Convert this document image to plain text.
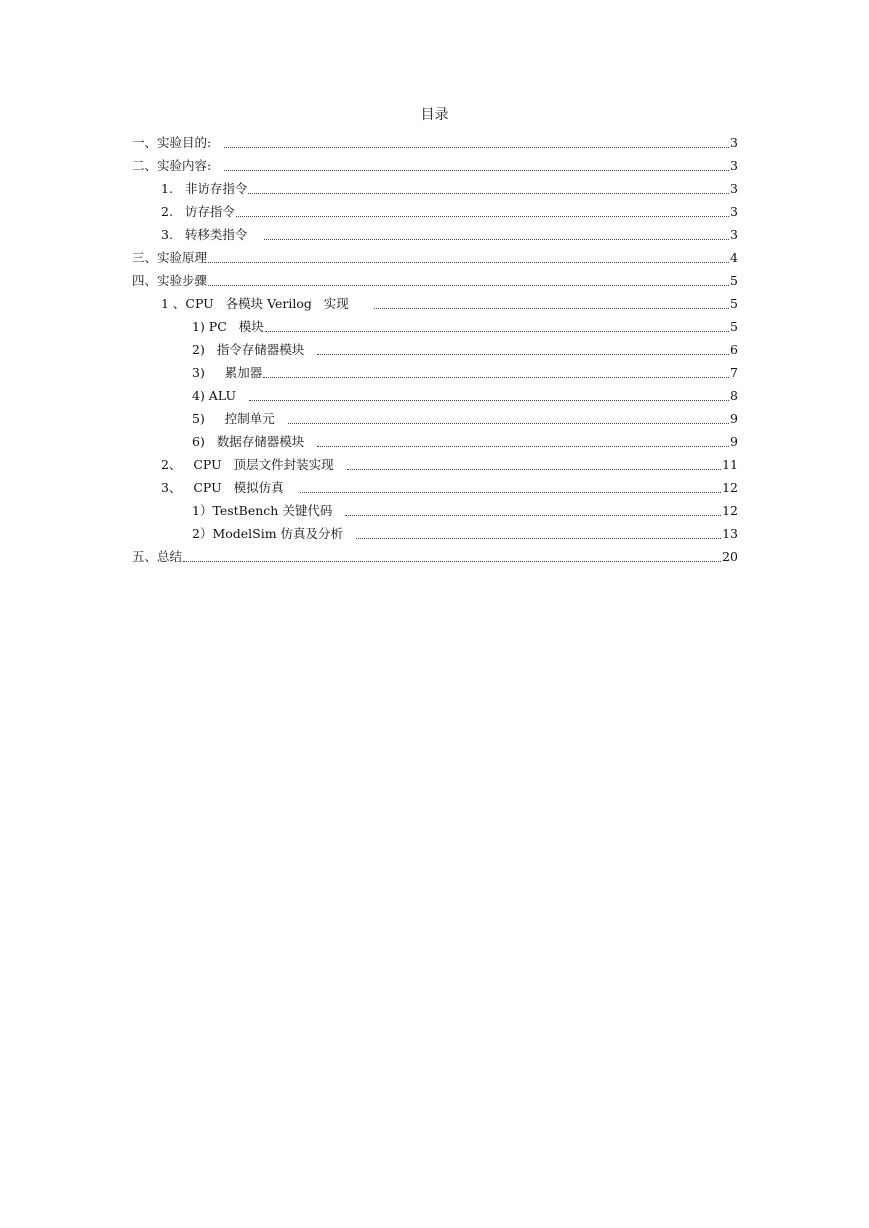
目录
一、实验目的:	3
二、实验内容:	3
1.   非访存指令	3
2.   访存指令	3
3.   转移类指令	3
三、实验原理	4
四、实验步骤	5
1 、CPU   各模块 Verilog   实现	5
1) PC   模块	5
2)   指令存储器模块	6
3)     累加器	7
4) ALU	8
5)     控制单元	9
6)   数据存储器模块	9
2、   CPU   顶层文件封装实现	11
3、   CPU   模拟仿真	12
1）TestBench 关键代码	12
2）ModelSim 仿真及分析	13
五、总结	20
